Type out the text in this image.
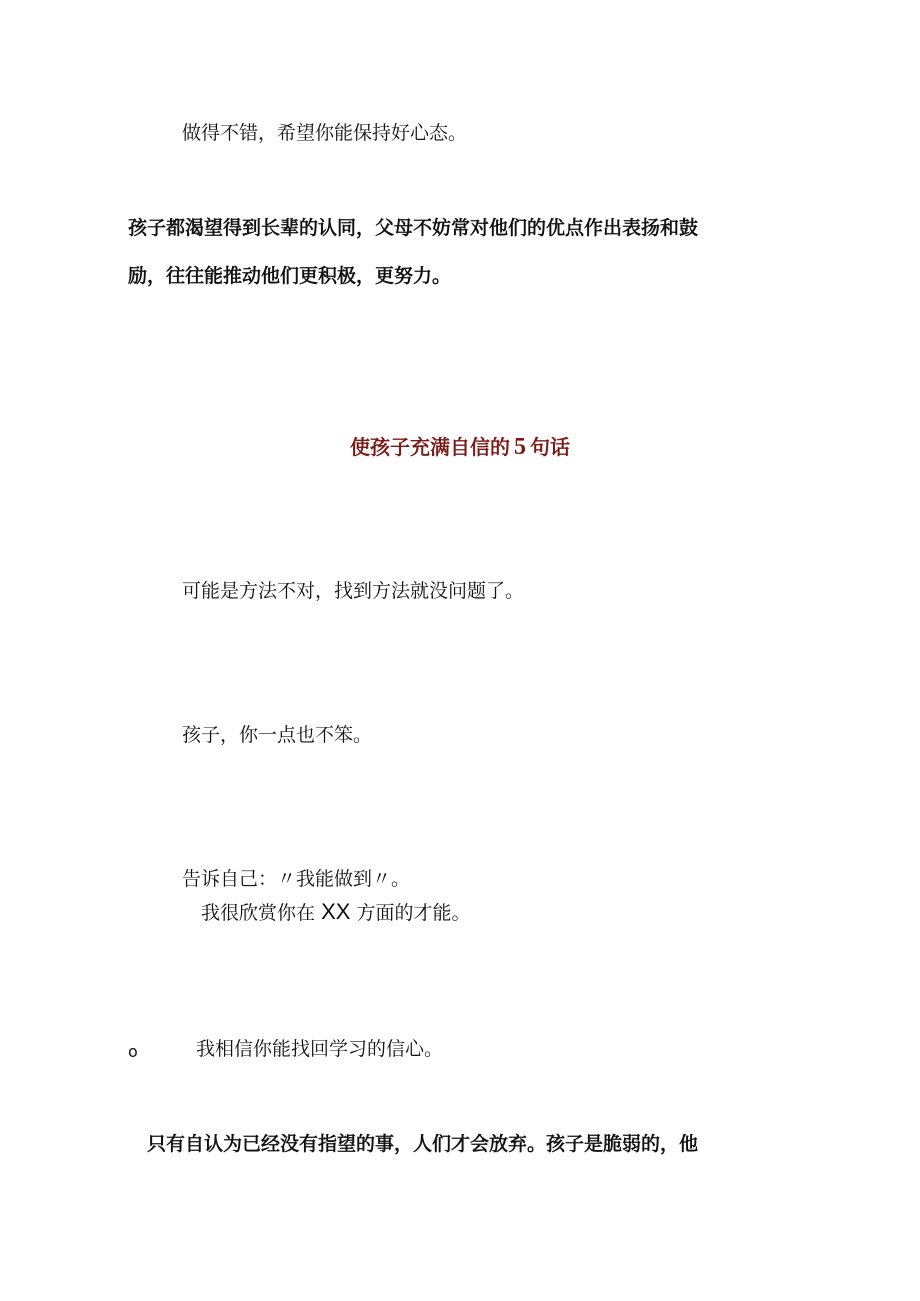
做得不错，希望你能保持好心态。
孩子都渴望得到长辈的认同，父母不妨常对他们的优点作出表扬和鼓
励，往往能推动他们更积极，更努力。
使孩子充满自信的 5 句话
可能是方法不对，找到方法就没问题了。
孩子，你一点也不笨。
告诉自己：〃我能做到〃。
我很欣赏你在 XX 方面的才能。
o	我相信你能找回学习的信心。
只有自认为已经没有指望的事，人们才会放弃。孩子是脆弱的，他
